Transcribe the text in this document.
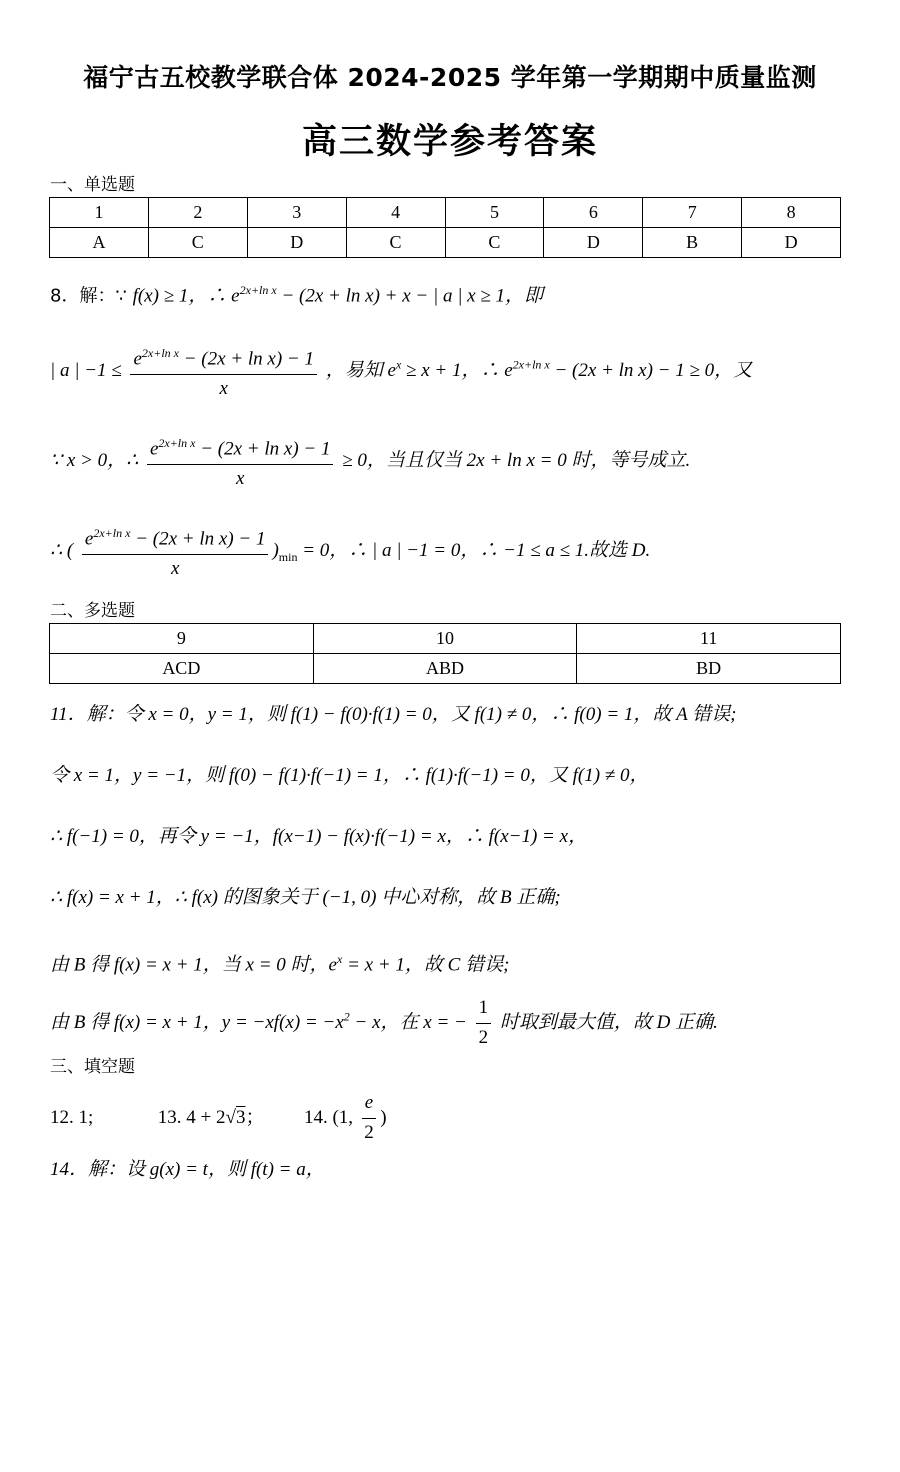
福宁古五校教学联合体 2024-2025 学年第一学期期中质量监测
高三数学参考答案
一、单选题
1	2	3	4	5	6	7	8
A	C	D	C	C	D	B	D
8．解：∵ f(x) ≥ 1，∴ $e^{2x+ln x} - (2x + \ln x) + x$ − | a | x ≥ 1，即
| a | $-1 \le \frac{e^{2x+ln x} - (2x + \ln x) - 1}{x}$ ，易知 $e^x \ge x + 1$，∴ $e^{2x+ln x} - (2x + \ln x) - 1 \ge 0$，又
∵ x > 0，∴ $\frac{e^{2x+ln x} - (2x + \ln x) - 1}{x} \ge 0$，当且仅当 2x + ln x = 0 时，等号成立.
∴ ( $\frac{e^{2x+ln x} - (2x + \ln x) - 1}{x} )_{min} = 0$，∴ | a | −1 = 0，∴ −1 ≤ a ≤ 1.故选 D.
二、多选题
9	10	11
ACD	ABD	BD
11．解：令 x = 0，y = 1，则 f(1) − f(0)·f(1) = 0，又 f(1) ≠ 0，∴ f(0) = 1，故 A 错误;
令 x = 1，y = −1，则 f(0) − f(1)·f(−1) = 1，∴ f(1)·f(−1) = 0，又 f(1) ≠ 0，
∴ f(−1) = 0，再令 y = −1，f(x−1) − f(x)·f(−1) = x，∴ f(x−1) = x，
∴ f(x) = x + 1，∴ f(x) 的图象关于 (−1, 0) 中心对称，故 B 正确;
由 B 得 f(x) = x + 1，当 x = 0 时，$e^x = x + 1$，故 C 错误;
由 B 得 f(x) = x + 1，$y = -xf(x) = -x^2 - x$，在 x = − $\frac{1}{2}$ 时取到最大值，故 D 正确.
三、填空题
12. 1;	13. 4 + 2√3； 14. (1, $\frac{e}{2}$ )
14．解：设 g(x) = t，则 f(t) = a，
